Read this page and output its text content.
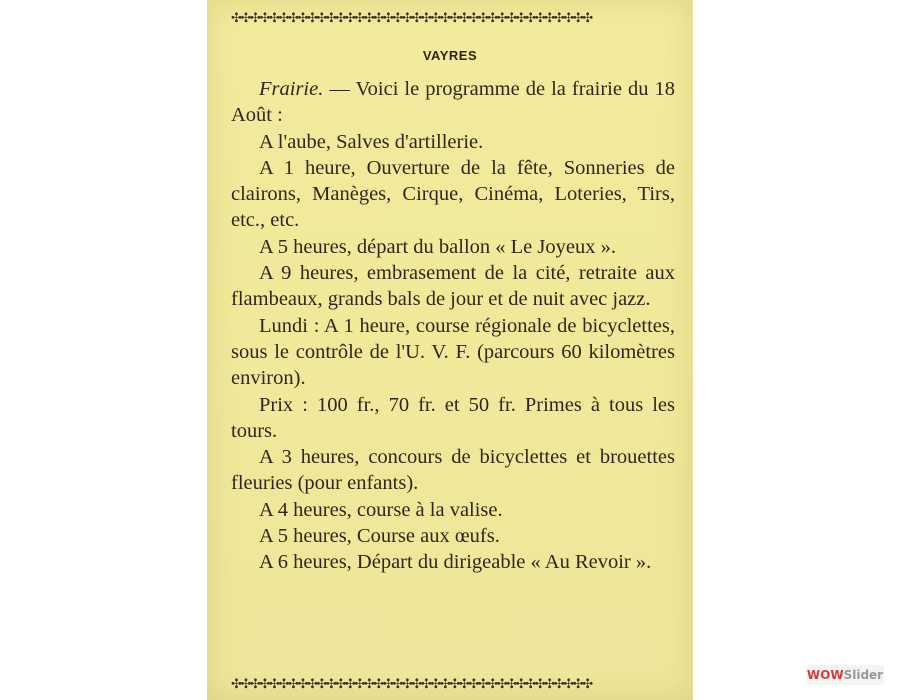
✣✣✣✣✣✣✣✣✣✣✣✣✣✣✣✣✣✣✣✣✣✣✣✣✣✣✣✣✣✣✣✣✣✣✣✣✣✣
VAYRES

Frairie. — Voici le programme de la frairie du 18 Août :

A l'aube, Salves d'artillerie.

A 1 heure, Ouverture de la fête, Sonneries de clairons, Manèges, Cirque, Cinéma, Loteries, Tirs, etc., etc.

A 5 heures, départ du ballon « Le Joyeux ».

A 9 heures, embrasement de la cité, retraite aux flambeaux, grands bals de jour et de nuit avec jazz.

Lundi : A 1 heure, course régionale de bicyclettes, sous le contrôle de l'U. V. F. (parcours 60 kilomètres environ).

Prix : 100 fr., 70 fr. et 50 fr. Primes à tous les tours.

A 3 heures, concours de bicyclettes et brouettes fleuries (pour enfants).

A 4 heures, course à la valise.

A 5 heures, Course aux œufs.

A 6 heures, Départ du dirigeable « Au Revoir ».

✣✣✣✣✣✣✣✣✣✣✣✣✣✣✣✣✣✣✣✣✣✣✣✣✣✣✣✣✣✣✣✣✣✣✣✣✣✣
WOWSlider
